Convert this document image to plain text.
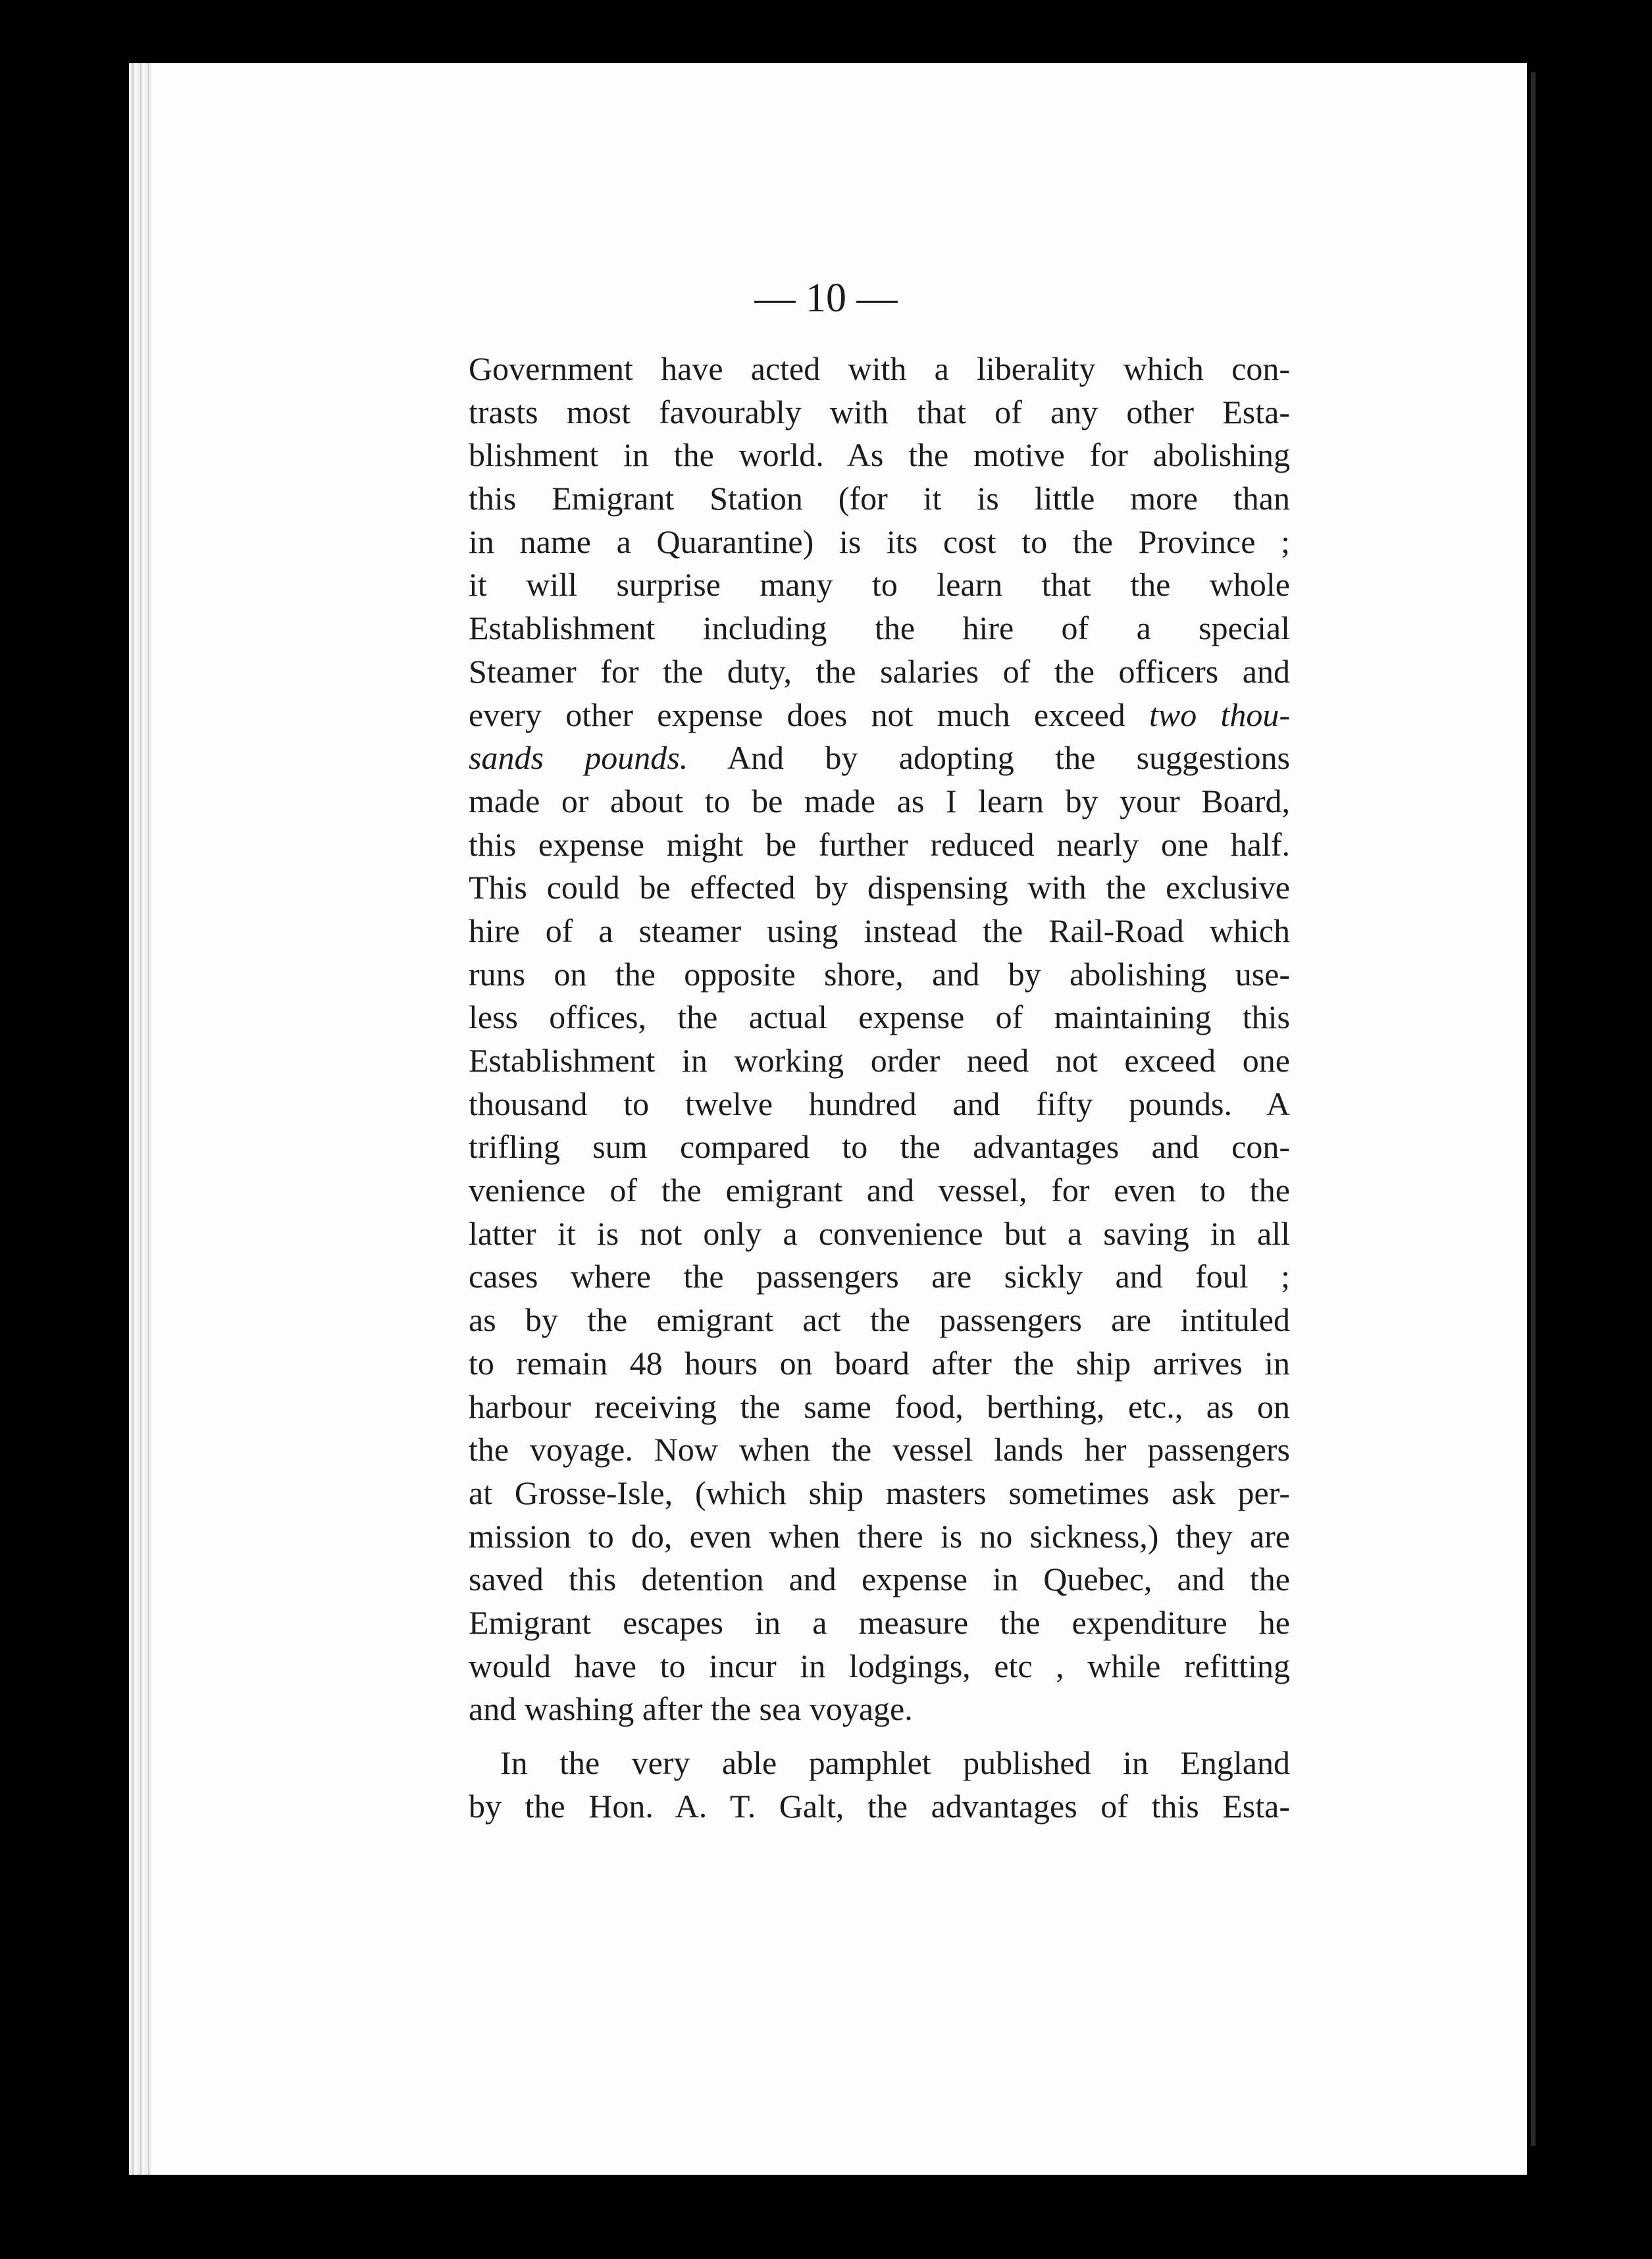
— 10 —
Government have acted with a liberality which con-
trasts most favourably with that of any other Esta-
blishment in the world. As the motive for abolishing
this Emigrant Station (for it is little more than
in name a Quarantine) is its cost to the Province ;
it will surprise many to learn that the whole
Establishment including the hire of a special
Steamer for the duty, the salaries of the officers and
every other expense does not much exceed two thou-
sands pounds. And by adopting the suggestions
made or about to be made as I learn by your Board,
this expense might be further reduced nearly one half.
This could be effected by dispensing with the exclusive
hire of a steamer using instead the Rail-Road which
runs on the opposite shore, and by abolishing use-
less offices, the actual expense of maintaining this
Establishment in working order need not exceed one
thousand to twelve hundred and fifty pounds. A
trifling sum compared to the advantages and con-
venience of the emigrant and vessel, for even to the
latter it is not only a convenience but a saving in all
cases where the passengers are sickly and foul ;
as by the emigrant act the passengers are intituled
to remain 48 hours on board after the ship arrives in
harbour receiving the same food, berthing, etc., as on
the voyage. Now when the vessel lands her passengers
at Grosse-Isle, (which ship masters sometimes ask per-
mission to do, even when there is no sickness,) they are
saved this detention and expense in Quebec, and the
Emigrant escapes in a measure the expenditure he
would have to incur in lodgings, etc , while refitting
and washing after the sea voyage.
In the very able pamphlet published in England
by the Hon. A. T. Galt, the advantages of this Esta-
